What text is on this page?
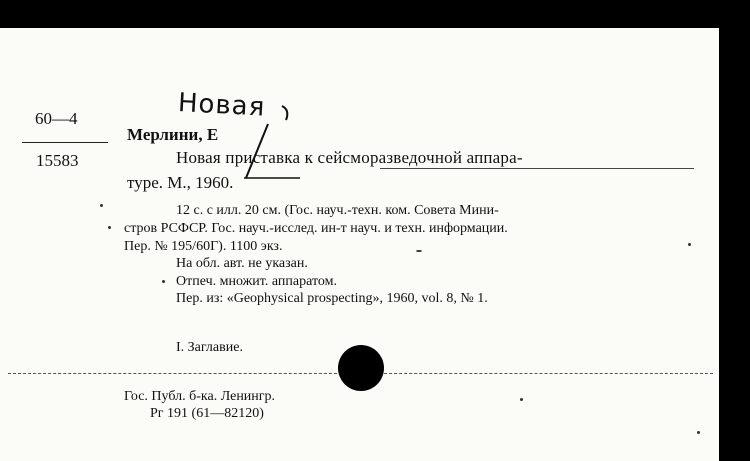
Новая
60—4
15583
Мерлини, Е
Новая приставка к сейсморазведочной аппара-
туре. М., 1960.
12 с. с илл. 20 см. (Гос. науч.-техн. ком. Совета Мини-
стров РСФСР. Гос. науч.-исслед. ин-т науч. и техн. информации.
Пер. № 195/60Г). 1100 экз.
На обл. авт. не указан.
Отпеч. множит. аппаратом.
Пер. из: «Geophysical prospecting», 1960, vol. 8, № 1.
I. Заглавие.
Гос. Публ. б-ка. Ленингр.
Рг 191 (61—82120)
